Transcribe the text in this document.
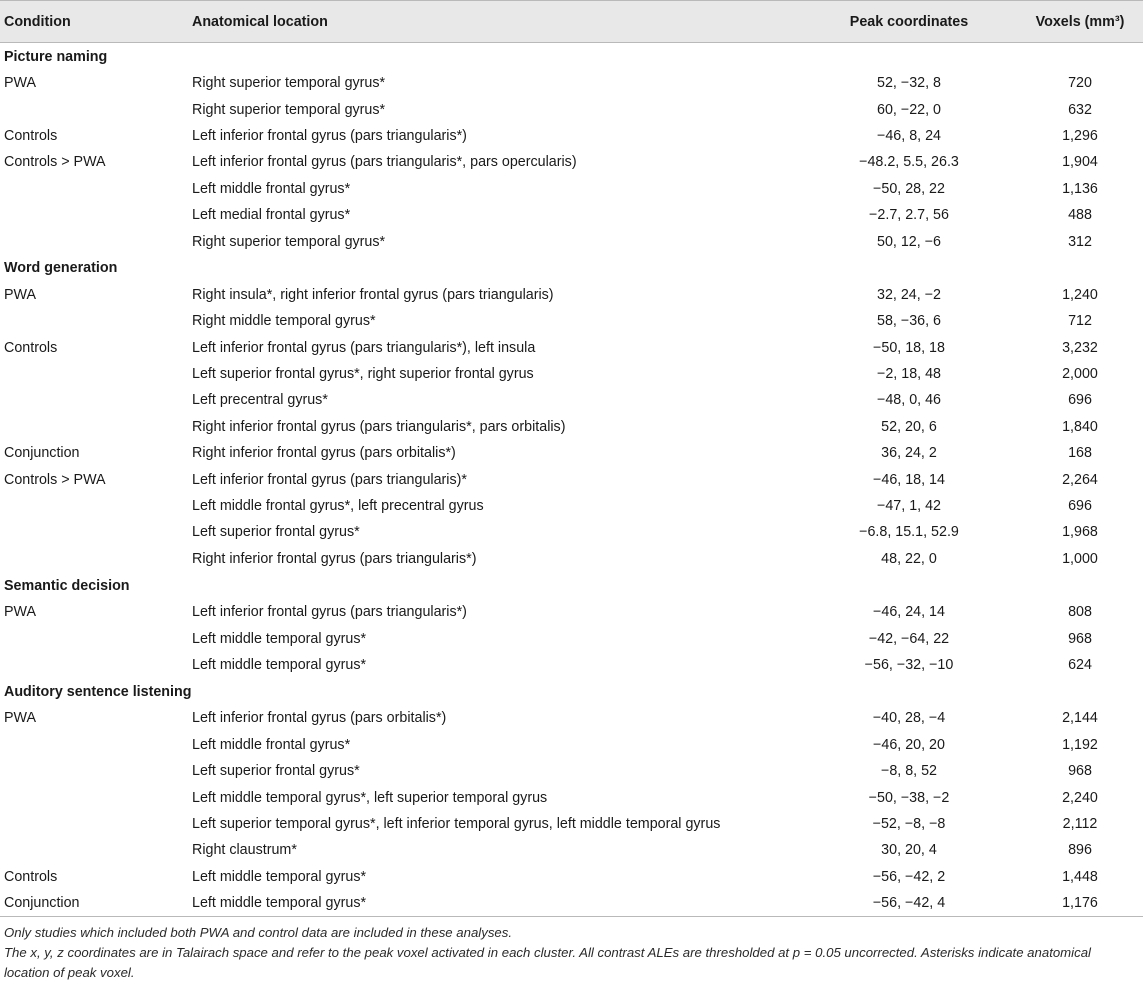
Condition	Anatomical location	Peak coordinates	Voxels (mm³)
Picture naming			
PWA	Right superior temporal gyrus*	52, −32, 8	720
	Right superior temporal gyrus*	60, −22, 0	632
Controls	Left inferior frontal gyrus (pars triangularis*)	−46, 8, 24	1,296
Controls > PWA	Left inferior frontal gyrus (pars triangularis*, pars opercularis)	−48.2, 5.5, 26.3	1,904
	Left middle frontal gyrus*	−50, 28, 22	1,136
	Left medial frontal gyrus*	−2.7, 2.7, 56	488
	Right superior temporal gyrus*	50, 12, −6	312
Word generation			
PWA	Right insula*, right inferior frontal gyrus (pars triangularis)	32, 24, −2	1,240
	Right middle temporal gyrus*	58, −36, 6	712
Controls	Left inferior frontal gyrus (pars triangularis*), left insula	−50, 18, 18	3,232
	Left superior frontal gyrus*, right superior frontal gyrus	−2, 18, 48	2,000
	Left precentral gyrus*	−48, 0, 46	696
	Right inferior frontal gyrus (pars triangularis*, pars orbitalis)	52, 20, 6	1,840
Conjunction	Right inferior frontal gyrus (pars orbitalis*)	36, 24, 2	168
Controls > PWA	Left inferior frontal gyrus (pars triangularis)*	−46, 18, 14	2,264
	Left middle frontal gyrus*, left precentral gyrus	−47, 1, 42	696
	Left superior frontal gyrus*	−6.8, 15.1, 52.9	1,968
	Right inferior frontal gyrus (pars triangularis*)	48, 22, 0	1,000
Semantic decision			
PWA	Left inferior frontal gyrus (pars triangularis*)	−46, 24, 14	808
	Left middle temporal gyrus*	−42, −64, 22	968
	Left middle temporal gyrus*	−56, −32, −10	624
Auditory sentence listening			
PWA	Left inferior frontal gyrus (pars orbitalis*)	−40, 28, −4	2,144
	Left middle frontal gyrus*	−46, 20, 20	1,192
	Left superior frontal gyrus*	−8, 8, 52	968
	Left middle temporal gyrus*, left superior temporal gyrus	−50, −38, −2	2,240
	Left superior temporal gyrus*, left inferior temporal gyrus, left middle temporal gyrus	−52, −8, −8	2,112
	Right claustrum*	30, 20, 4	896
Controls	Left middle temporal gyrus*	−56, −42, 2	1,448
Conjunction	Left middle temporal gyrus*	−56, −42, 4	1,176

Only studies which included both PWA and control data are included in these analyses.

The x, y, z coordinates are in Talairach space and refer to the peak voxel activated in each cluster. All contrast ALEs are thresholded at p = 0.05 uncorrected. Asterisks indicate anatomical location of peak voxel.
